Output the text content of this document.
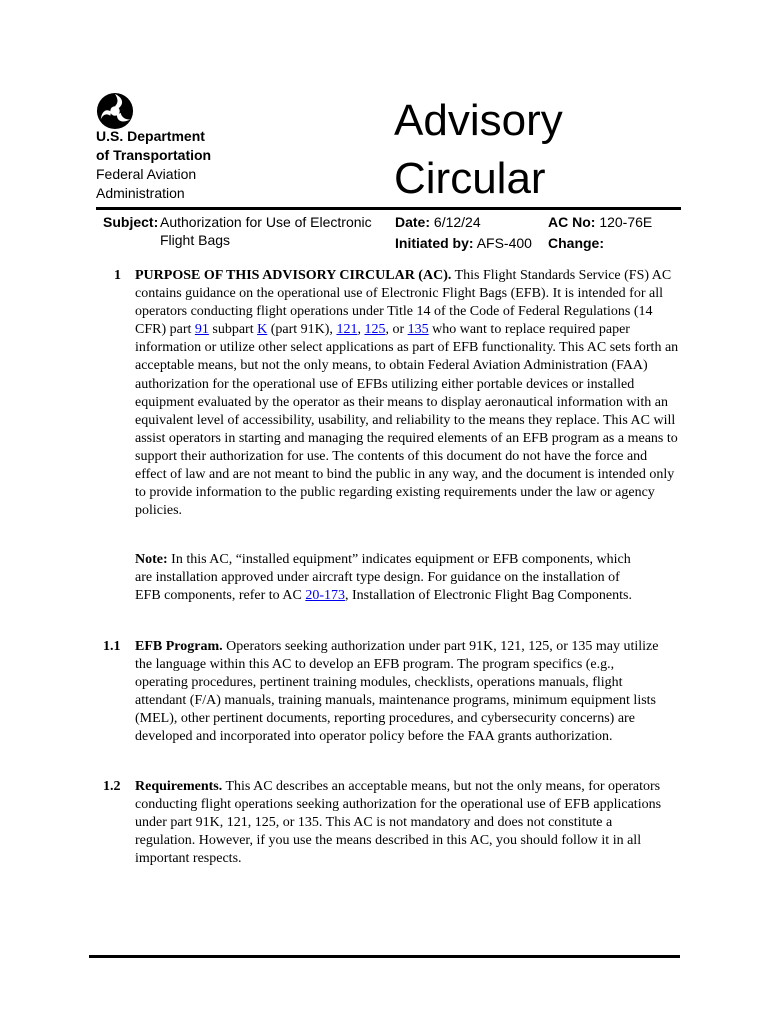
U.S. Department
of Transportation
Federal Aviation
Administration
Advisory
Circular
Subject: Authorization for Use of Electronic Flight Bags
Date: 6/12/24	AC No: 120-76E
Initiated by: AFS-400 Change:
1 PURPOSE OF THIS ADVISORY CIRCULAR (AC). This Flight Standards Service (FS) AC contains guidance on the operational use of Electronic Flight Bags (EFB). It is intended for all operators conducting flight operations under Title 14 of the Code of Federal Regulations (14 CFR) part 91 subpart K (part 91K), 121, 125, or 135 who want to replace required paper information or utilize other select applications as part of EFB functionality. This AC sets forth an acceptable means, but not the only means, to obtain Federal Aviation Administration (FAA) authorization for the operational use of EFBs utilizing either portable devices or installed equipment evaluated by the operator as their means to display aeronautical information with an equivalent level of accessibility, usability, and reliability to the means they replace. This AC will assist operators in starting and managing the required elements of an EFB program as a means to support their authorization for use. The contents of this document do not have the force and effect of law and are not meant to bind the public in any way, and the document is intended only to provide information to the public regarding existing requirements under the law or agency policies.
Note: In this AC, “installed equipment” indicates equipment or EFB components, which are installation approved under aircraft type design. For guidance on the installation of EFB components, refer to AC 20-173, Installation of Electronic Flight Bag Components.
1.1 EFB Program. Operators seeking authorization under part 91K, 121, 125, or 135 may utilize the language within this AC to develop an EFB program. The program specifics (e.g., operating procedures, pertinent training modules, checklists, operations manuals, flight attendant (F/A) manuals, training manuals, maintenance programs, minimum equipment lists (MEL), other pertinent documents, reporting procedures, and cybersecurity concerns) are developed and incorporated into operator policy before the FAA grants authorization.
1.2 Requirements. This AC describes an acceptable means, but not the only means, for operators conducting flight operations seeking authorization for the operational use of EFB applications under part 91K, 121, 125, or 135. This AC is not mandatory and does not constitute a regulation. However, if you use the means described in this AC, you should follow it in all important respects.
